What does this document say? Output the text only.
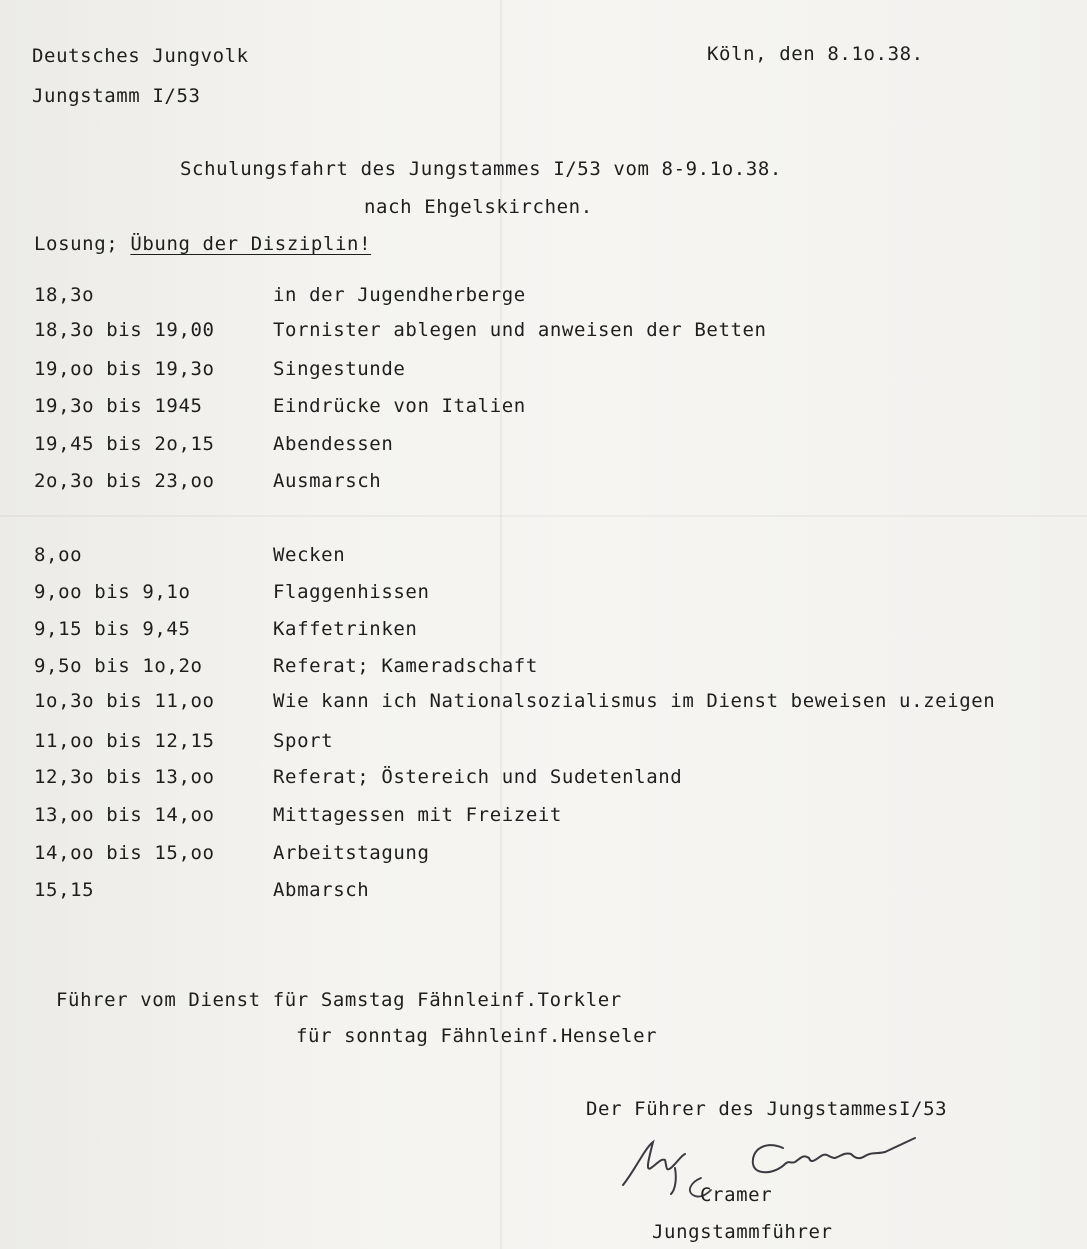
Deutsches Jungvolk
Jungstamm I/53
Köln, den 8.1o.38.
Schulungsfahrt des Jungstammes I/53 vom 8-9.1o.38.
nach Ehgelskirchen.
Losung; Übung der Disziplin!
18,3o	in der Jugendherberge
18,3o bis 19,00	Tornister ablegen und anweisen der Betten
19,oo bis 19,3o	Singestunde
19,3o bis 1945	Eindrücke von Italien
19,45 bis 2o,15	Abendessen
2o,3o bis 23,oo	Ausmarsch
8,oo	Wecken
9,oo bis 9,1o	Flaggenhissen
9,15 bis 9,45	Kaffetrinken
9,5o bis 1o,2o	Referat; Kameradschaft
1o,3o bis 11,oo	Wie kann ich Nationalsozialismus im Dienst beweisen u.zeigen
11,oo bis 12,15	Sport
12,3o bis 13,oo	Referat; Östereich und Sudetenland
13,oo bis 14,oo	Mittagessen mit Freizeit
14,oo bis 15,oo	Arbeitstagung
15,15	Abmarsch
Führer vom Dienst für Samstag Fähnleinf.Torkler
für sonntag Fähnleinf.Henseler
Der Führer des JungstammesI/53
Cramer
Jungstammführer
